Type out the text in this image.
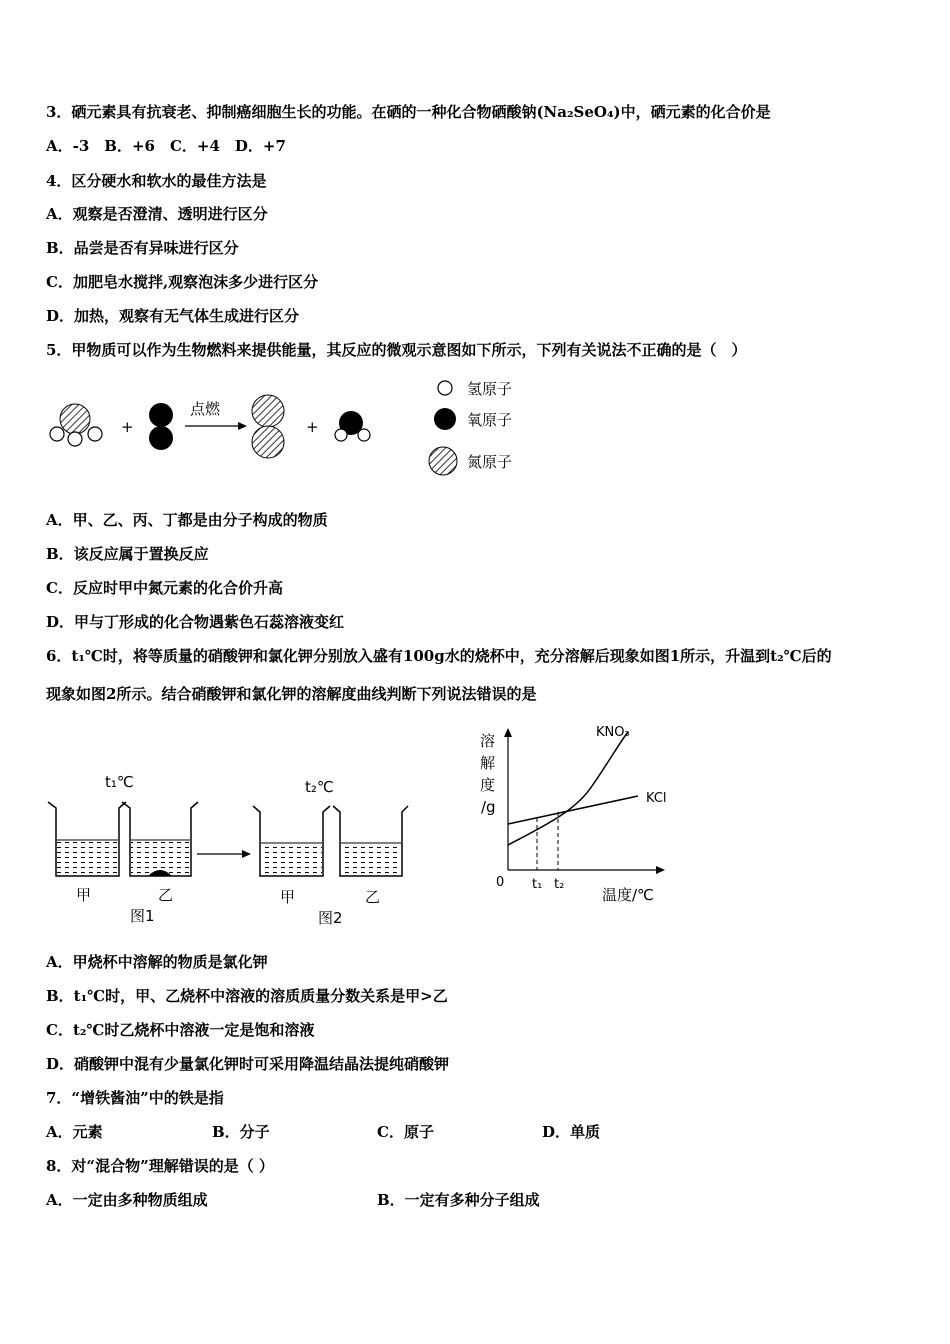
3．硒元素具有抗衰老、抑制癌细胞生长的功能。在硒的一种化合物硒酸钠(Na₂SeO₄)中，硒元素的化合价是
A．-3　B．+6　C．+4　D．+7
4．区分硬水和软水的最佳方法是
A．观察是否澄清、透明进行区分
B．品尝是否有异味进行区分
C．加肥皂水搅拌,观察泡沫多少进行区分
D．加热，观察有无气体生成进行区分
5．甲物质可以作为生物燃料来提供能量，其反应的微观示意图如下所示，下列有关说法不正确的是（　）
+
点燃
+
氢原子
氧原子
氮原子
A．甲、乙、丙、丁都是由分子构成的物质
B．该反应属于置换反应
C．反应时甲中氮元素的化合价升高
D．甲与丁形成的化合物遇紫色石蕊溶液变红
6．t₁℃时，将等质量的硝酸钾和氯化钾分别放入盛有100g水的烧杯中，充分溶解后现象如图1所示，升温到t₂℃后的
现象如图2所示。结合硝酸钾和氯化钾的溶解度曲线判断下列说法错误的是
t₁℃
甲	乙
图1
t₂℃
甲	乙
图2
溶
解
度
/g
0 t₁ t₂
温度/℃
KNO₃
KCl
A．甲烧杯中溶解的物质是氯化钾
B．t₁℃时，甲、乙烧杯中溶液的溶质质量分数关系是甲>乙
C．t₂℃时乙烧杯中溶液一定是饱和溶液
D．硝酸钾中混有少量氯化钾时可采用降温结晶法提纯硝酸钾
7．“增铁酱油”中的铁是指
A．元素	B．分子	C．原子	D．单质
8．对“混合物”理解错误的是（ ）
A．一定由多种物质组成	B．一定有多种分子组成
